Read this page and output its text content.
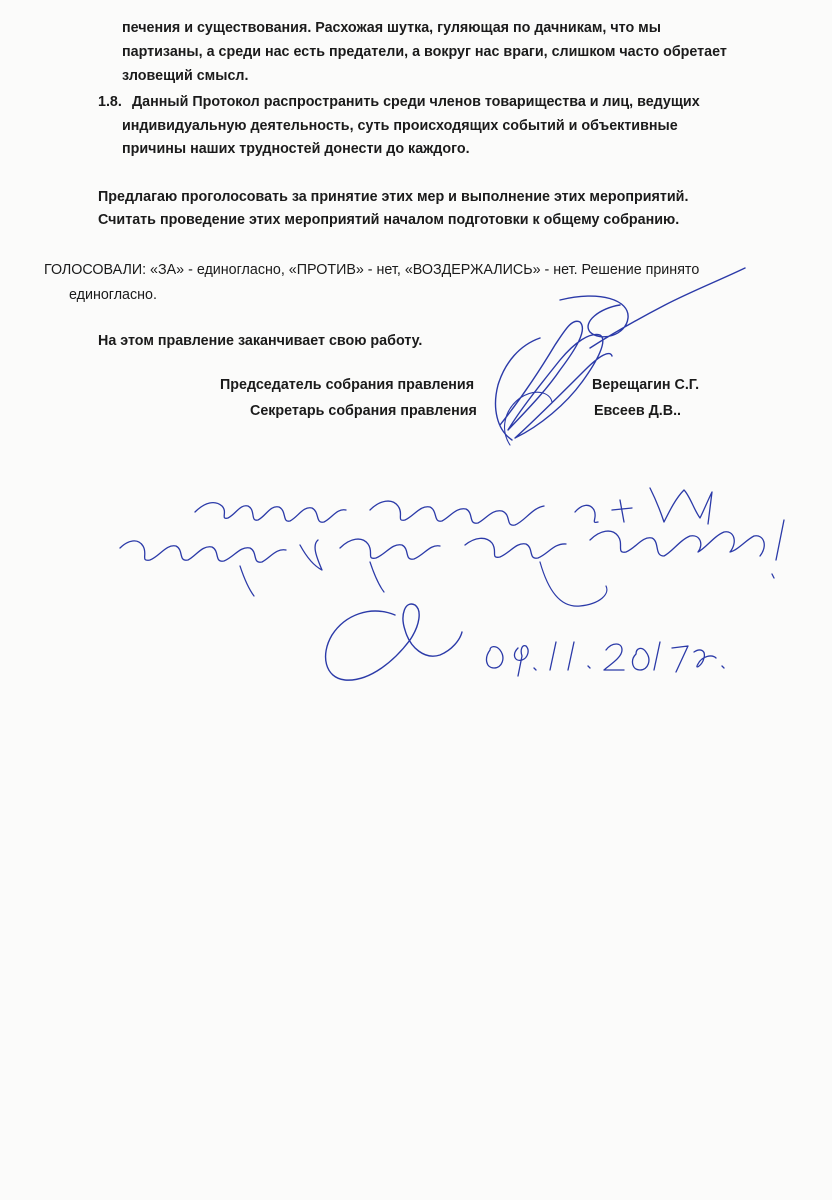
печения и существования. Расхожая шутка, гуляющая по дачникам, что мы
партизаны, а среди нас есть предатели, а вокруг нас враги, слишком часто обретает
зловещий смысл.
1.8. Данный Протокол распространить среди членов товарищества и лиц, ведущих
индивидуальную деятельность, суть происходящих событий и объективные
причины наших трудностей донести до каждого.
Предлагаю проголосовать за принятие этих мер и выполнение этих мероприятий.
Считать проведение этих мероприятий началом подготовки к общему собранию.
ГОЛОСОВАЛИ: «ЗА» - единогласно, «ПРОТИВ» - нет, «ВОЗДЕРЖАЛИСЬ» - нет. Решение принято
единогласно.
На этом правление заканчивает свою работу.
Председатель собрания правления	Верещагин С.Г.
Секретарь собрания правления	Евсеев Д.В..
